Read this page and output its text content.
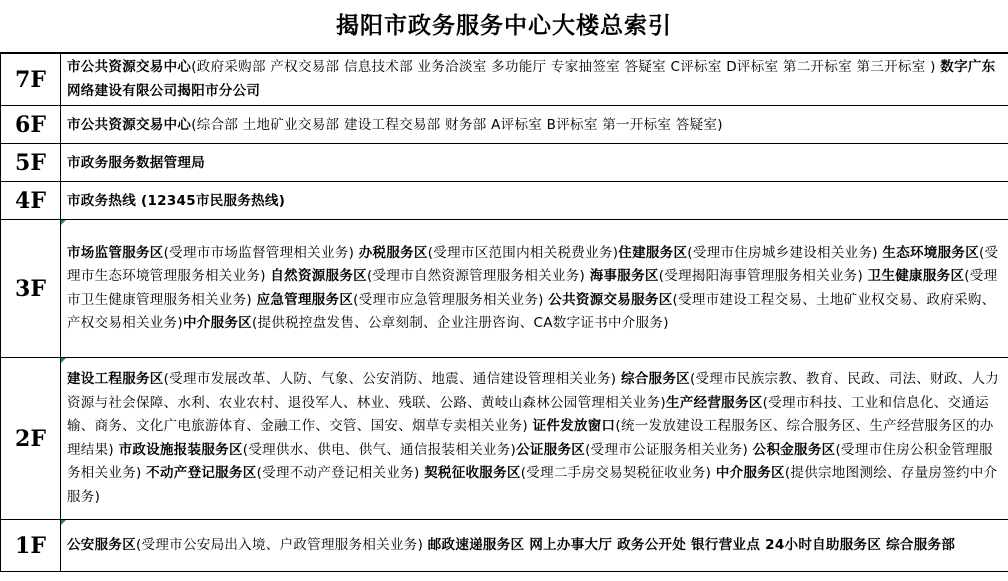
揭阳市政务服务中心大楼总索引
7F	市公共资源交易中心(政府采购部 产权交易部 信息技术部 业务洽淡室 多功能厅 专家抽签室 答疑室 C评标室 D评标室 第二开标室 第三开标室 ) 数字广东网络建设有限公司揭阳市分公司
6F	市公共资源交易中心(综合部 土地矿业交易部 建设工程交易部 财务部 A评标室 B评标室 第一开标室 答疑室)
5F	市政务服务数据管理局
4F	市政务热线 (12345市民服务热线)
3F	市场监管服务区(受理市市场监督管理相关业务) 办税服务区(受理市区范围内相关税费业务)住建服务区(受理市住房城乡建设相关业务) 生态环境服务区(受理市生态环境管理服务相关业务) 自然资源服务区(受理市自然资源管理服务相关业务) 海事服务区(受理揭阳海事管理服务相关业务) 卫生健康服务区(受理市卫生健康管理服务相关业务) 应急管理服务区(受理市应急管理服务相关业务) 公共资源交易服务区(受理市建设工程交易、土地矿业权交易、政府采购、产权交易相关业务)中介服务区(提供税控盘发售、公章刻制、企业注册咨询、CA数字证书中介服务)
2F	建设工程服务区(受理市发展改革、人防、气象、公安消防、地震、通信建设管理相关业务) 综合服务区(受理市民族宗教、教育、民政、司法、财政、人力资源与社会保障、水利、农业农村、退役军人、林业、残联、公路、黄岐山森林公园管理相关业务)生产经营服务区(受理市科技、工业和信息化、交通运输、商务、文化广电旅游体育、金融工作、交管、国安、烟草专卖相关业务) 证件发放窗口(统一发放建设工程服务区、综合服务区、生产经营服务区的办理结果) 市政设施报装服务区(受理供水、供电、供气、通信报装相关业务)公证服务区(受理市公证服务相关业务) 公积金服务区(受理市住房公积金管理服务相关业务) 不动产登记服务区(受理不动产登记相关业务) 契税征收服务区(受理二手房交易契税征收业务) 中介服务区(提供宗地图测绘、存量房签约中介服务)
1F	公安服务区(受理市公安局出入境、户政管理服务相关业务) 邮政速递服务区 网上办事大厅 政务公开处 银行营业点 24小时自助服务区 综合服务部
